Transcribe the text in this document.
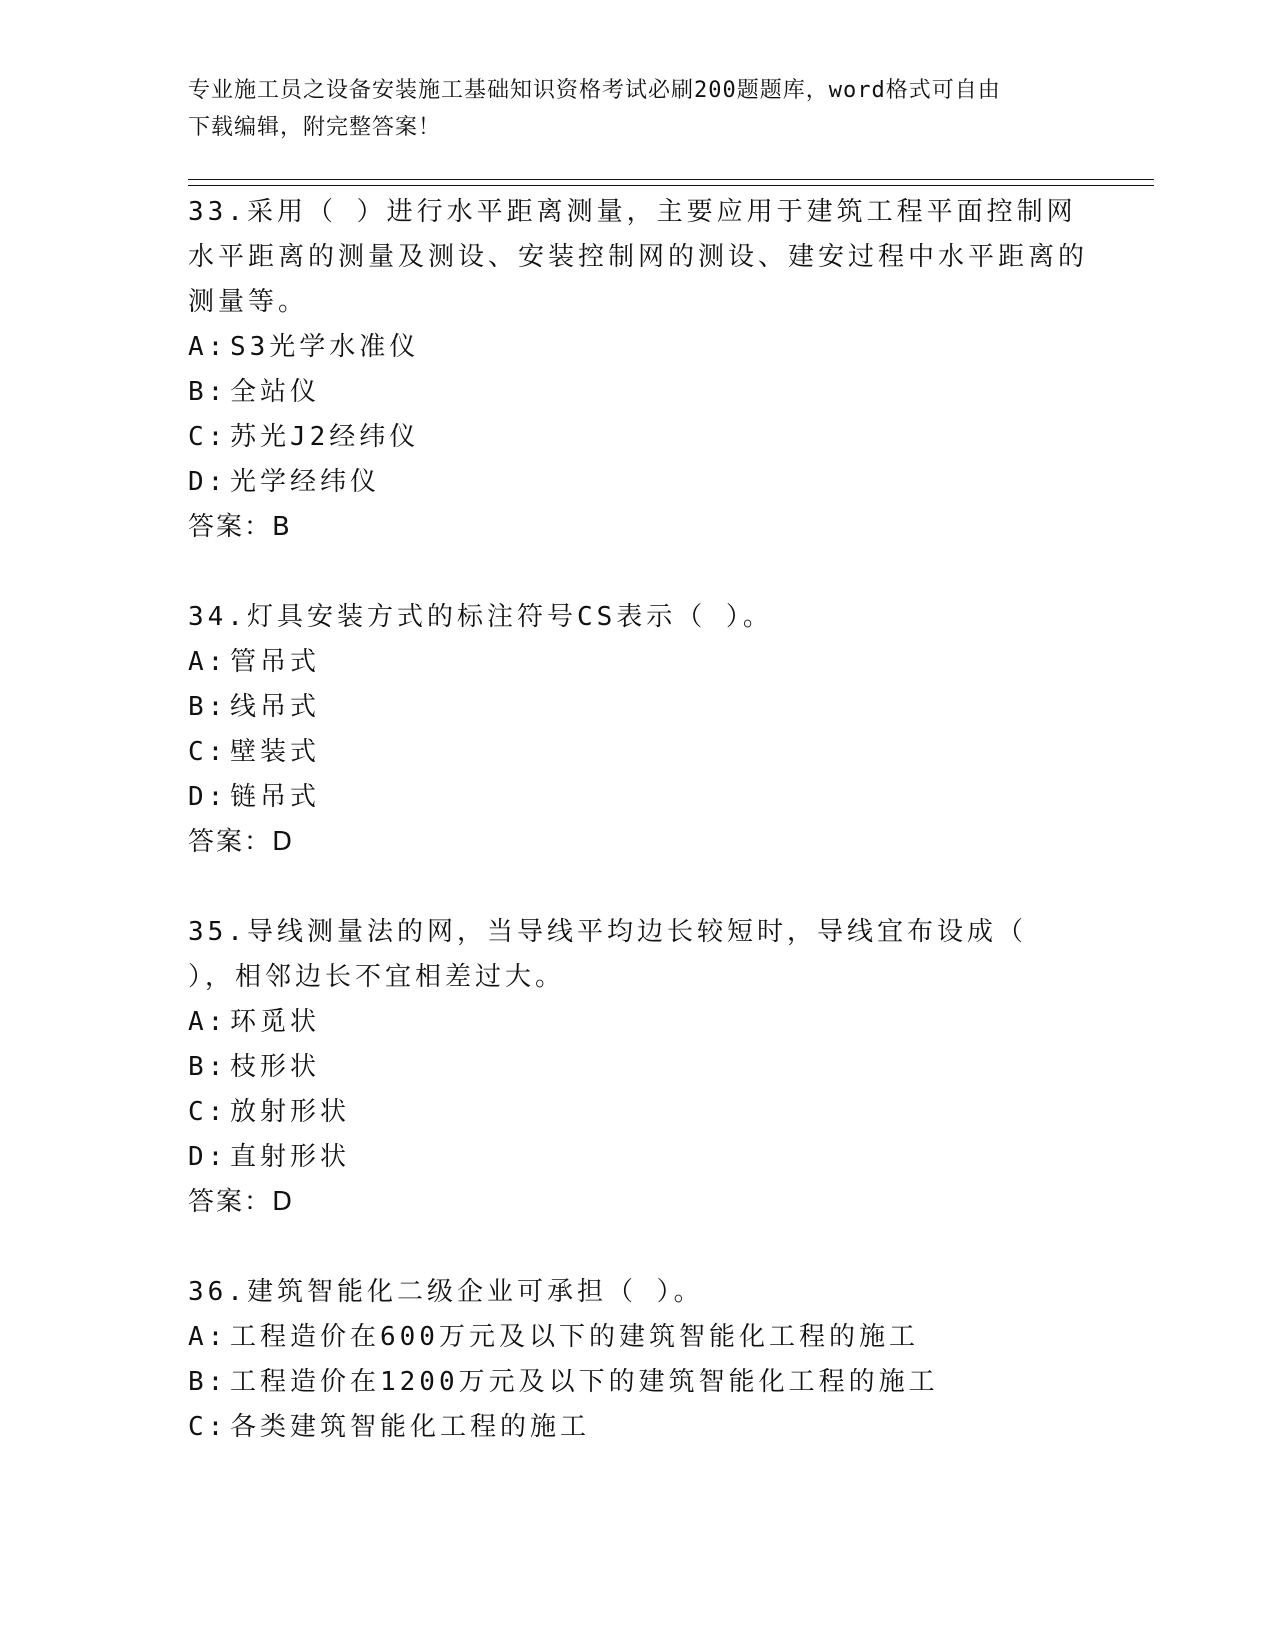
专业施工员之设备安装施工基础知识资格考试必刷200题题库，word格式可自由
下载编辑，附完整答案！
33.采用（ ）进行水平距离测量，主要应用于建筑工程平面控制网水平距离的测量及测设、安装控制网的测设、建安过程中水平距离的测量等。
A: S3光学水准仪
B: 全站仪
C: 苏光J2经纬仪
D: 光学经纬仪
答案：B
34.灯具安装方式的标注符号CS表示（ ）。
A: 管吊式
B: 线吊式
C: 壁装式
D: 链吊式
答案：D
35.导线测量法的网，当导线平均边长较短时，导线宜布设成（ ），相邻边长不宜相差过大。
A: 环觅状
B: 枝形状
C: 放射形状
D: 直射形状
答案：D
36.建筑智能化二级企业可承担（ ）。
A: 工程造价在600万元及以下的建筑智能化工程的施工
B: 工程造价在1200万元及以下的建筑智能化工程的施工
C: 各类建筑智能化工程的施工
